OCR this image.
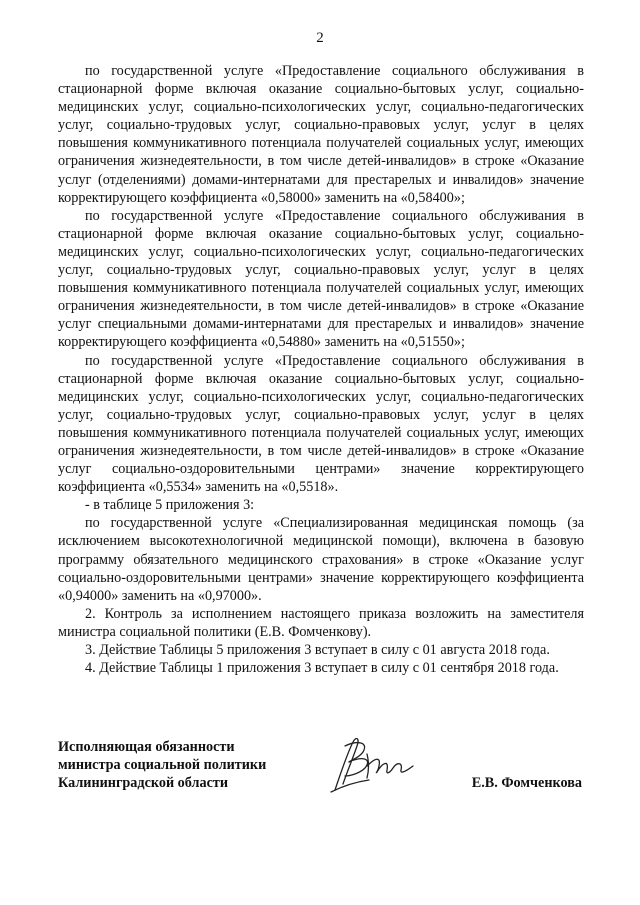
2

по государственной услуге «Предоставление социального обслуживания в стационарной форме включая оказание социально-бытовых услуг, социально-медицинских услуг, социально-психологических услуг, социально-педагогических услуг, социально-трудовых услуг, социально-правовых услуг, услуг в целях повышения коммуникативного потенциала получателей социальных услуг, имеющих ограничения жизнедеятельности, в том числе детей-инвалидов» в строке «Оказание услуг (отделениями) домами-интернатами для престарелых и инвалидов» значение корректирующего коэффициента «0,58000» заменить на «0,58400»;

по государственной услуге «Предоставление социального обслуживания в стационарной форме включая оказание социально-бытовых услуг, социально-медицинских услуг, социально-психологических услуг, социально-педагогических услуг, социально-трудовых услуг, социально-правовых услуг, услуг в целях повышения коммуникативного потенциала получателей социальных услуг, имеющих ограничения жизнедеятельности, в том числе детей-инвалидов» в строке «Оказание услуг специальными домами-интернатами для престарелых и инвалидов» значение корректирующего коэффициента «0,54880» заменить на «0,51550»;

по государственной услуге «Предоставление социального обслуживания в стационарной форме включая оказание социально-бытовых услуг, социально-медицинских услуг, социально-психологических услуг, социально-педагогических услуг, социально-трудовых услуг, социально-правовых услуг, услуг в целях повышения коммуникативного потенциала получателей социальных услуг, имеющих ограничения жизнедеятельности, в том числе детей-инвалидов» в строке «Оказание услуг социально-оздоровительными центрами» значение корректирующего коэффициента «0,5534» заменить на «0,5518».

- в таблице 5 приложения 3:

по государственной услуге «Специализированная медицинская помощь (за исключением высокотехнологичной медицинской помощи), включена в базовую программу обязательного медицинского страхования» в строке «Оказание услуг социально-оздоровительными центрами» значение корректирующего коэффициента «0,94000» заменить на «0,97000».

2. Контроль за исполнением настоящего приказа возложить на заместителя министра социальной политики (Е.В. Фомченкову).

3. Действие Таблицы 5 приложения 3 вступает в силу с 01 августа 2018 года.

4. Действие Таблицы 1 приложения 3 вступает в силу с 01 сентября 2018 года.

Исполняющая обязанности
министра социальной политики
Калининградской области	Е.В. Фомченкова
